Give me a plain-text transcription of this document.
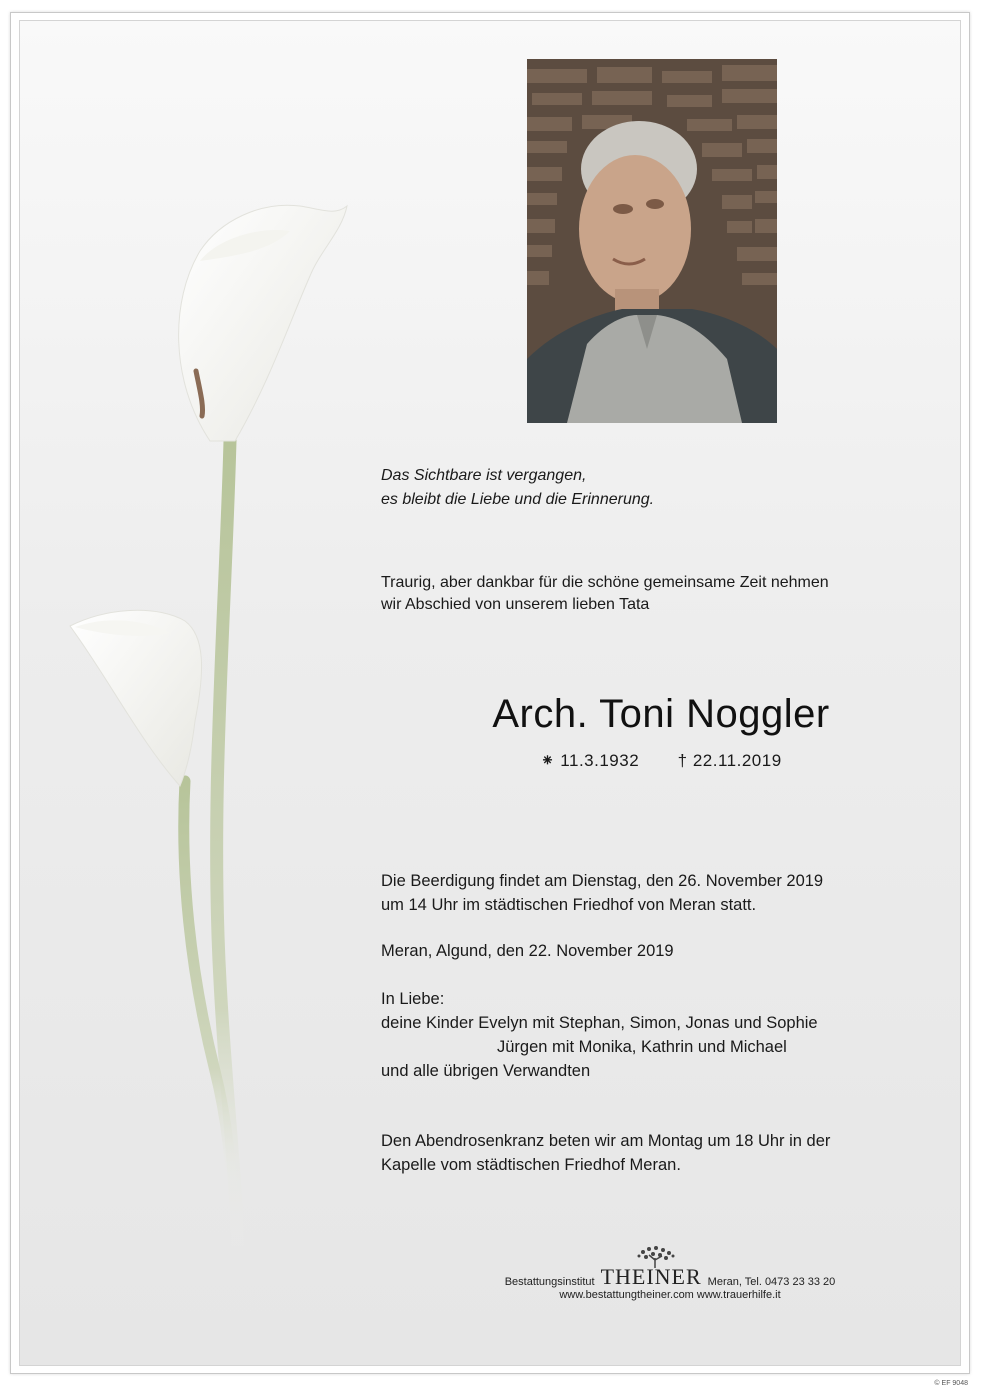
Das Sichtbare ist vergangen,
es bleibt die Liebe und die Erinnerung.
Traurig, aber dankbar für die schöne gemeinsame Zeit nehmen
wir Abschied von unserem lieben Tata
Arch. Toni Noggler
⁕ 11.3.1932 † 22.11.2019
Die Beerdigung findet am Dienstag, den 26. November 2019
um 14 Uhr im städtischen Friedhof von Meran statt.
Meran, Algund, den 22. November 2019
In Liebe:
deine Kinder Evelyn mit Stephan, Simon, Jonas und Sophie
Jürgen mit Monika, Kathrin und Michael
und alle übrigen Verwandten
Den Abendrosenkranz beten wir am Montag um 18 Uhr in der
Kapelle vom städtischen Friedhof Meran.
Bestattungsinstitut THEINER Meran, Tel. 0473 23 33 20
www.bestattungtheiner.com www.trauerhilfe.it
© EF 9048
